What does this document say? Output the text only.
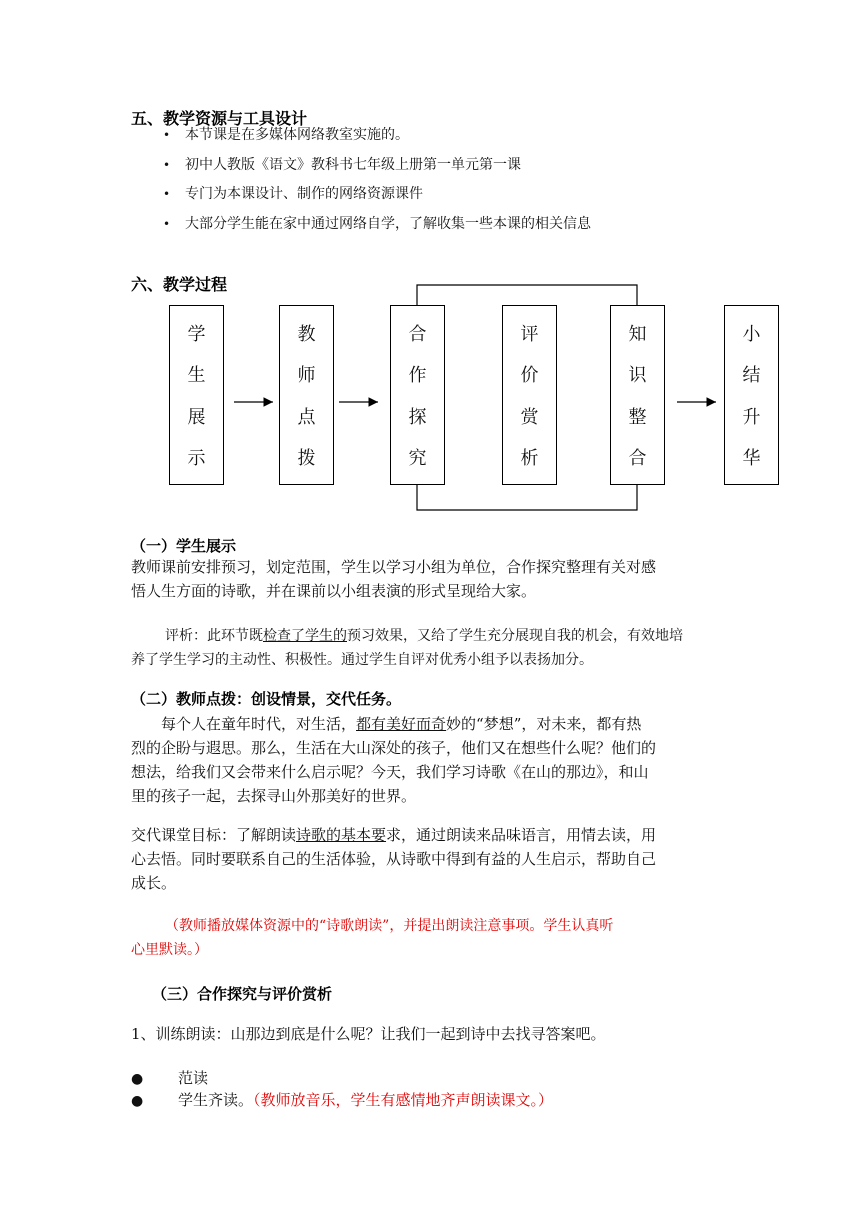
五、教学资源与工具设计
• 本节课是在多媒体网络教室实施的。
• 初中人教版《语文》教科书七年级上册第一单元第一课
• 专门为本课设计、制作的网络资源课件
• 大部分学生能在家中通过网络自学，了解收集一些本课的相关信息
六、教学过程
学
生
展
示
教
师
点
拨
合
作
探
究
评
价
赏
析
知
识
整
合
小
结
升
华
（一）学生展示
教师课前安排预习，划定范围，学生以学习小组为单位，合作探究整理有关对感
悟人生方面的诗歌，并在课前以小组表演的形式呈现给大家。
评析：此环节既检查了学生的预习效果，又给了学生充分展现自我的机会，有效地培
养了学生学习的主动性、积极性。通过学生自评对优秀小组予以表扬加分。
（二）教师点拨：创设情景，交代任务。
每个人在童年时代，对生活，都有美好而奇妙的“梦想”，对未来，都有热
烈的企盼与遐思。那么，生活在大山深处的孩子，他们又在想些什么呢？他们的
想法，给我们又会带来什么启示呢？今天，我们学习诗歌《在山的那边》，和山
里的孩子一起，去探寻山外那美好的世界。
交代课堂目标：了解朗读诗歌的基本要求，通过朗读来品味语言，用情去读，用
心去悟。同时要联系自己的生活体验，从诗歌中得到有益的人生启示，帮助自己
成长。
（教师播放媒体资源中的“诗歌朗读”，并提出朗读注意事项。学生认真听
心里默读。）
（三）合作探究与评价赏析
1、训练朗读：山那边到底是什么呢？让我们一起到诗中去找寻答案吧。
● 范读
● 学生齐读。（教师放音乐，学生有感情地齐声朗读课文。）
